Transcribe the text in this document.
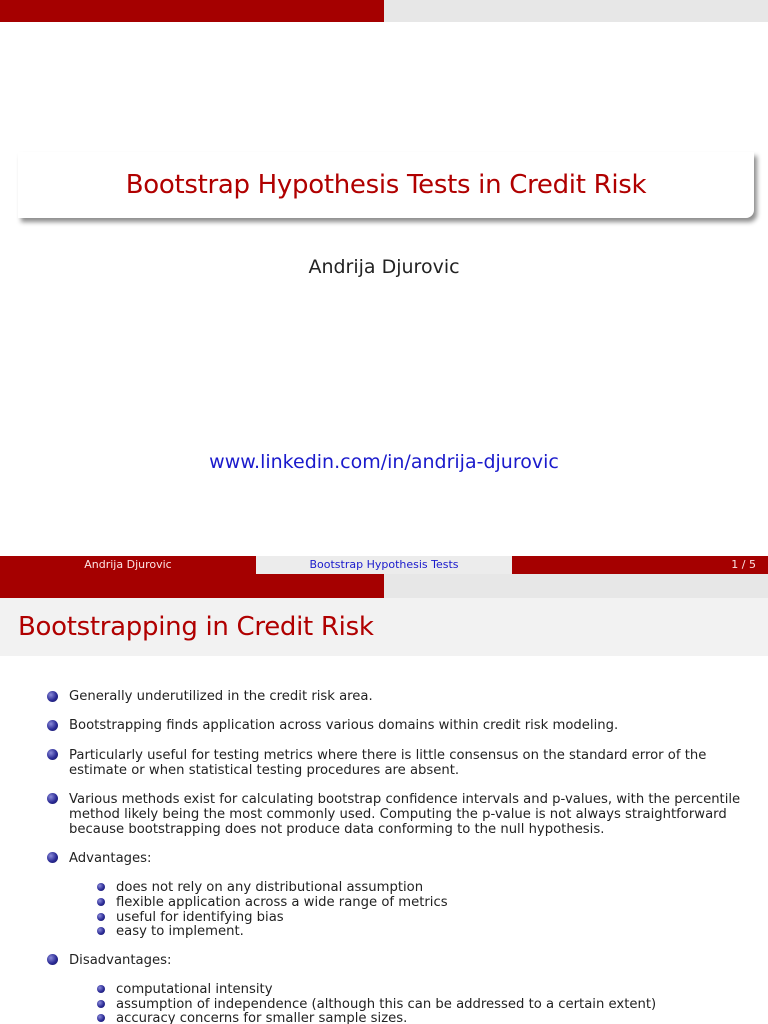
Bootstrap Hypothesis Tests in Credit Risk
Andrija Djurovic
www.linkedin.com/in/andrija-djurovic
Andrija Djurovic	Bootstrap Hypothesis Tests	1 / 5
Bootstrapping in Credit Risk
Generally underutilized in the credit risk area.
Bootstrapping finds application across various domains within credit risk modeling.
Particularly useful for testing metrics where there is little consensus on the standard error of the estimate or when statistical testing procedures are absent.
Various methods exist for calculating bootstrap confidence intervals and p-values, with the percentile method likely being the most commonly used. Computing the p-value is not always straightforward because bootstrapping does not produce data conforming to the null hypothesis.
Advantages:
does not rely on any distributional assumption
flexible application across a wide range of metrics
useful for identifying bias
easy to implement.
Disadvantages:
computational intensity
assumption of independence (although this can be addressed to a certain extent)
accuracy concerns for smaller sample sizes.
